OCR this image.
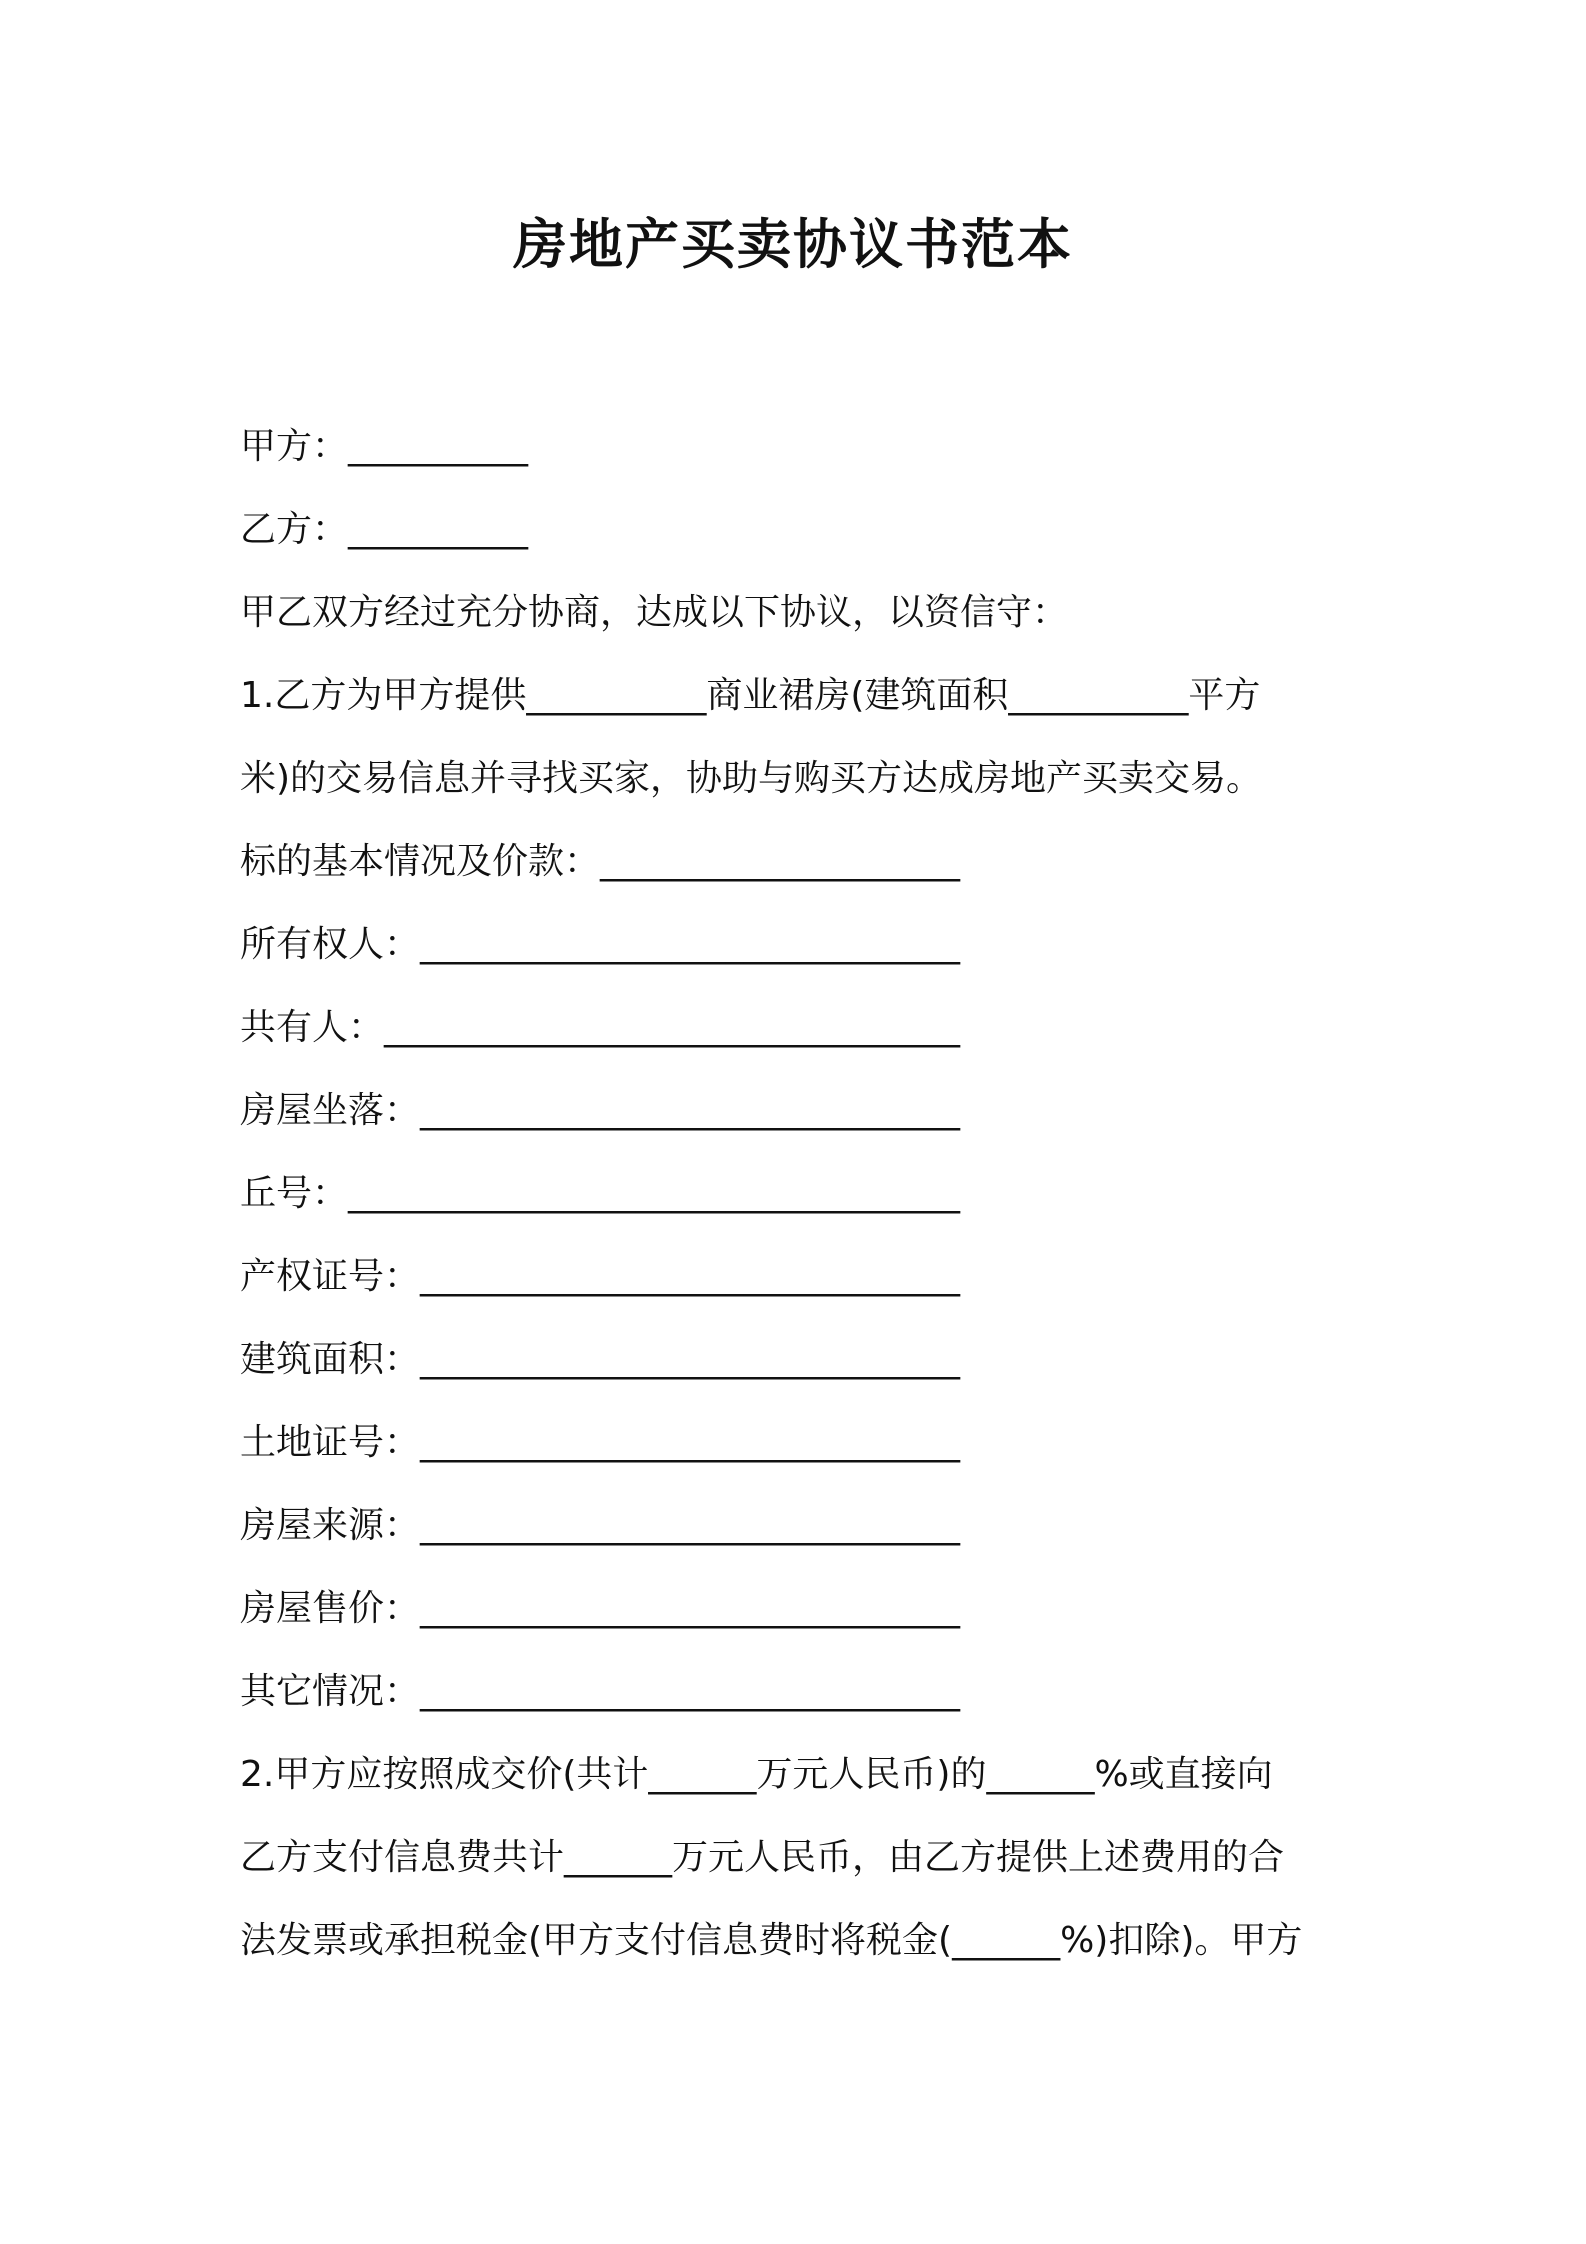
房地产买卖协议书范本
甲方：__________
乙方：__________
甲乙双方经过充分协商，达成以下协议，以资信守：
1.乙方为甲方提供__________商业裙房(建筑面积__________平方
米)的交易信息并寻找买家，协助与购买方达成房地产买卖交易。
标的基本情况及价款：____________________
所有权人：______________________________
共有人：________________________________
房屋坐落：______________________________
丘号：__________________________________
产权证号：______________________________
建筑面积：______________________________
土地证号：______________________________
房屋来源：______________________________
房屋售价：______________________________
其它情况：______________________________
2.甲方应按照成交价(共计______万元人民币)的______%或直接向
乙方支付信息费共计______万元人民币，由乙方提供上述费用的合
法发票或承担税金(甲方支付信息费时将税金(______%)扣除)。甲方
